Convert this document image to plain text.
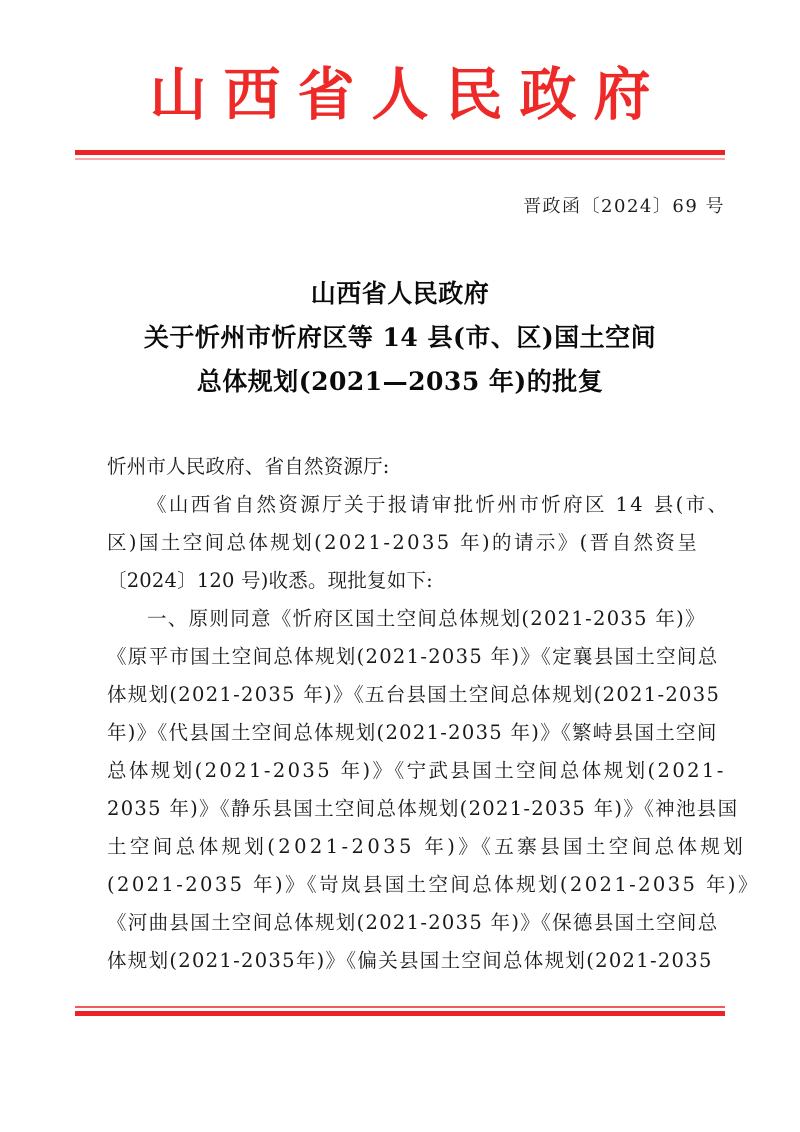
山西省人民政府
晋政函〔2024〕69 号
山西省人民政府
关于忻州市忻府区等 14 县(市、区)国土空间
总体规划(2021—2035 年)的批复
忻州市人民政府、省自然资源厅:
《山西省自然资源厅关于报请审批忻州市忻府区 14 县(市、
区)国土空间总体规划(2021-2035 年)的请示》(晋自然资呈
〔2024〕120 号)收悉。现批复如下:
一、原则同意《忻府区国土空间总体规划(2021-2035 年)》
《原平市国土空间总体规划(2021-2035 年)》《定襄县国土空间总
体规划(2021-2035 年)》《五台县国土空间总体规划(2021-2035
年)》《代县国土空间总体规划(2021-2035 年)》《繁峙县国土空间
总体规划(2021-2035 年)》《宁武县国土空间总体规划(2021-
2035 年)》《静乐县国土空间总体规划(2021-2035 年)》《神池县国
土空间总体规划(2021-2035 年)》《五寨县国土空间总体规划
(2021-2035 年)》《岢岚县国土空间总体规划(2021-2035 年)》
《河曲县国土空间总体规划(2021-2035 年)》《保德县国土空间总
体规划(2021-2035年)》《偏关县国土空间总体规划(2021-2035
